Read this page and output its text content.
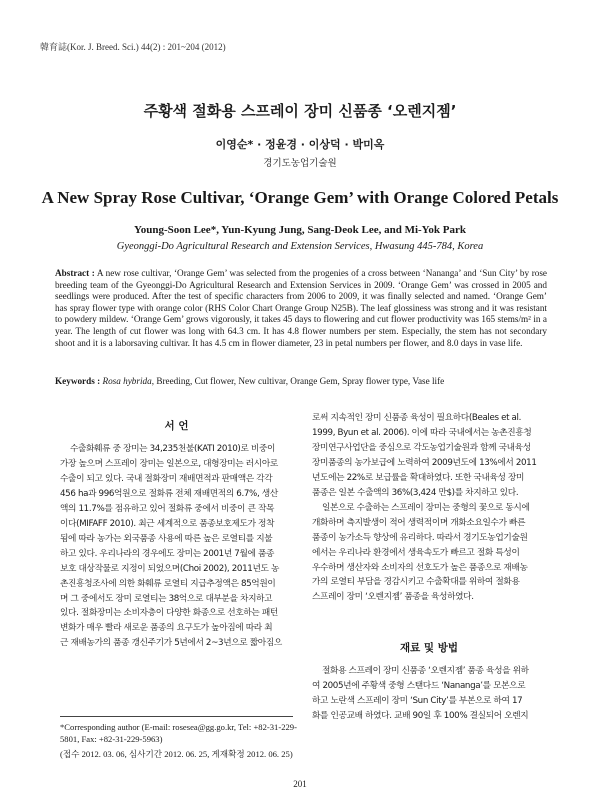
韓育誌(Kor. J. Breed. Sci.) 44(2) : 201~204 (2012)
주황색 절화용 스프레이 장미 신품종 ‘오렌지젬’
이영순* · 정윤경 · 이상덕 · 박미옥
경기도농업기술원
A New Spray Rose Cultivar, ‘Orange Gem’ with Orange Colored Petals
Young-Soon Lee*, Yun-Kyung Jung, Sang-Deok Lee, and Mi-Yok Park
Gyeonggi-Do Agricultural Research and Extension Services, Hwasung 445-784, Korea
Abstract : A new rose cultivar, ‘Orange Gem’ was selected from the progenies of a cross between ‘Nananga’ and ‘Sun City’ by rose breeding team of the Gyeonggi-Do Agricultural Research and Extension Services in 2009. ‘Orange Gem’ was crossed in 2005 and seedlings were produced. After the test of specific characters from 2006 to 2009, it was finally selected and named. ‘Orange Gem’ has spray flower type with orange color (RHS Color Chart Orange Group N25B). The leaf glossiness was strong and it was resistant to powdery mildew. ‘Orange Gem’ grows vigorously, it takes 45 days to flowering and cut flower productivity was 165 stems/m² in a year. The length of cut flower was long with 64.3 cm. It has 4.8 flower numbers per stem. Especially, the stem has not secondary shoot and it is a laborsaving cultivar. It has 4.5 cm in flower diameter, 23 in petal numbers per flower, and 8.0 days in vase life.
Keywords : Rosa hybrida, Breeding, Cut flower, New cultivar, Orange Gem, Spray flower type, Vase life
서 언
수출화훼류 중 장미는 34,235천불(KATI 2010)로 비중이
가장 높으며 스프레이 장미는 일본으로, 대형장미는 러시아로
수출이 되고 있다. 국내 절화장미 재배면적과 판매액은 각각
456 ha과 996억원으로 절화류 전체 재배면적의 6.7%, 생산
액의 11.7%를 점유하고 있어 절화류 중에서 비중이 큰 작목
이다(MIFAFF 2010). 최근 세계적으로 품종보호제도가 정착
됨에 따라 농가는 외국품종 사용에 따른 높은 로열티를 지불
하고 있다. 우리나라의 경우에도 장미는 2001년 7월에 품종
보호 대상작물로 지정이 되었으며(Choi 2002), 2011년도 농
촌진흥청조사에 의한 화훼류 로열티 지급추정액은 85억원이
며 그 중에서도 장미 로열티는 38억으로 대부분을 차지하고
있다. 절화장미는 소비자층이 다양한 화종으로 선호하는 패턴
변화가 매우 빨라 새로운 품종의 요구도가 높아짐에 따라 최
근 재배농가의 품종 갱신주기가 5년에서 2~3년으로 짧아짐으
로써 지속적인 장미 신품종 육성이 필요하다(Beales et al.
1999, Byun et al. 2006). 이에 따라 국내에서는 농촌진흥청
장미연구사업단을 중심으로 각도농업기술원과 함께 국내육성
장미품종의 농가보급에 노력하여 2009년도에 13%에서 2011
년도에는 22%로 보급률을 확대하였다. 또한 국내육성 장미
품종은 일본 수출액의 36%(3,424 만$)를 차지하고 있다.
일본으로 수출하는 스프레이 장미는 중형의 꽃으로 동시에
개화하며 측지발생이 적어 생력적이며 개화소요일수가 빠른
품종이 농가소득 향상에 유리하다. 따라서 경기도농업기술원
에서는 우리나라 환경에서 생육속도가 빠르고 절화 특성이
우수하며 생산자와 소비자의 선호도가 높은 품종으로 재배농
가의 로열티 부담을 경감시키고 수출확대를 위하여 절화용
스프레이 장미 ‘오렌지젬’ 품종을 육성하였다.
재료 및 방법
절화용 스프레이 장미 신품종 ‘오렌지젬’ 품종 육성을 위하
여 2005년에 주황색 중형 스탠다드 ‘Nananga’를 모본으로
하고 노란색 스프레이 장미 ‘Sun City’를 부본으로 하여 17
화를 인공교배 하였다. 교배 90일 후 100% 결실되어 오렌지
*Corresponding author (E-mail: rosesea@gg.go.kr, Tel: +82-31-229-5801, Fax: +82-31-229-5963)
(접수 2012. 03. 06, 심사기간 2012. 06. 25, 게재확정 2012. 06. 25)
201
